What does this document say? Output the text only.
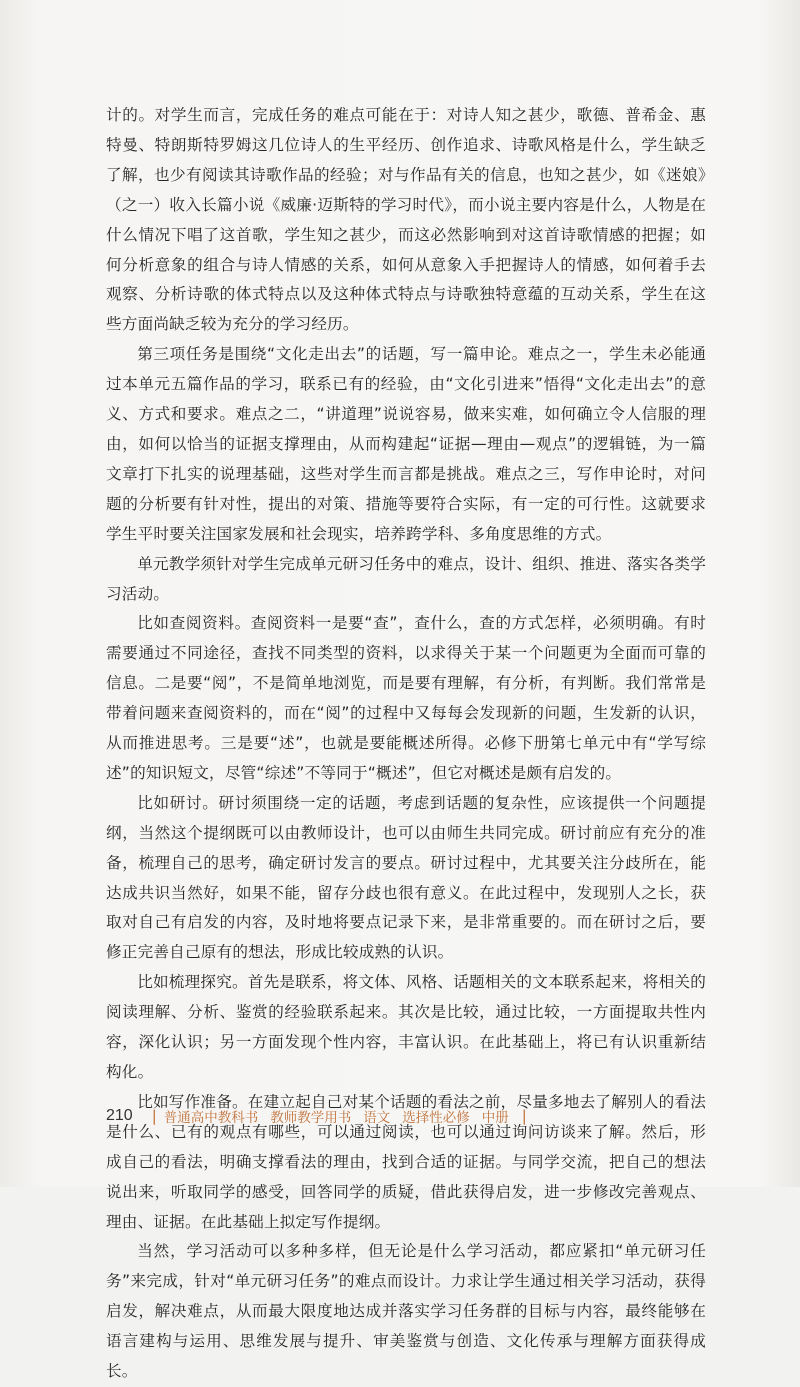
计的。对学生而言，完成任务的难点可能在于：对诗人知之甚少，歌德、普希金、惠特曼、特朗斯特罗姆这几位诗人的生平经历、创作追求、诗歌风格是什么，学生缺乏了解，也少有阅读其诗歌作品的经验；对与作品有关的信息，也知之甚少，如《迷娘》（之一）收入长篇小说《威廉·迈斯特的学习时代》，而小说主要内容是什么，人物是在什么情况下唱了这首歌，学生知之甚少，而这必然影响到对这首诗歌情感的把握；如何分析意象的组合与诗人情感的关系，如何从意象入手把握诗人的情感，如何着手去观察、分析诗歌的体式特点以及这种体式特点与诗歌独特意蕴的互动关系，学生在这些方面尚缺乏较为充分的学习经历。

第三项任务是围绕“文化走出去”的话题，写一篇申论。难点之一，学生未必能通过本单元五篇作品的学习，联系已有的经验，由“文化引进来”悟得“文化走出去”的意义、方式和要求。难点之二，“讲道理”说说容易，做来实难，如何确立令人信服的理由，如何以恰当的证据支撑理由，从而构建起“证据—理由—观点”的逻辑链，为一篇文章打下扎实的说理基础，这些对学生而言都是挑战。难点之三，写作申论时，对问题的分析要有针对性，提出的对策、措施等要符合实际，有一定的可行性。这就要求学生平时要关注国家发展和社会现实，培养跨学科、多角度思维的方式。

单元教学须针对学生完成单元研习任务中的难点，设计、组织、推进、落实各类学习活动。

比如查阅资料。查阅资料一是要“查”，查什么，查的方式怎样，必须明确。有时需要通过不同途径，查找不同类型的资料，以求得关于某一个问题更为全面而可靠的信息。二是要“阅”，不是简单地浏览，而是要有理解，有分析，有判断。我们常常是带着问题来查阅资料的，而在“阅”的过程中又每每会发现新的问题，生发新的认识，从而推进思考。三是要“述”，也就是要能概述所得。必修下册第七单元中有“学写综述”的知识短文，尽管“综述”不等同于“概述”，但它对概述是颇有启发的。

比如研讨。研讨须围绕一定的话题，考虑到话题的复杂性，应该提供一个问题提纲，当然这个提纲既可以由教师设计，也可以由师生共同完成。研讨前应有充分的准备，梳理自己的思考，确定研讨发言的要点。研讨过程中，尤其要关注分歧所在，能达成共识当然好，如果不能，留存分歧也很有意义。在此过程中，发现别人之长，获取对自己有启发的内容，及时地将要点记录下来，是非常重要的。而在研讨之后，要修正完善自己原有的想法，形成比较成熟的认识。

比如梳理探究。首先是联系，将文体、风格、话题相关的文本联系起来，将相关的阅读理解、分析、鉴赏的经验联系起来。其次是比较，通过比较，一方面提取共性内容，深化认识；另一方面发现个性内容，丰富认识。在此基础上，将已有认识重新结构化。

比如写作准备。在建立起自己对某个话题的看法之前，尽量多地去了解别人的看法是什么、已有的观点有哪些，可以通过阅读，也可以通过询问访谈来了解。然后，形成自己的看法，明确支撑看法的理由，找到合适的证据。与同学交流，把自己的想法说出来，听取同学的感受，回答同学的质疑，借此获得启发，进一步修改完善观点、理由、证据。在此基础上拟定写作提纲。

当然，学习活动可以多种多样，但无论是什么学习活动，都应紧扣“单元研习任务”来完成，针对“单元研习任务”的难点而设计。力求让学生通过相关学习活动，获得启发，解决难点，从而最大限度地达成并落实学习任务群的目标与内容，最终能够在语言建构与运用、思维发展与提升、审美鉴赏与创造、文化传承与理解方面获得成长。

210 | 普通高中教科书 教师教学用书 语文 选择性必修 中册 |
